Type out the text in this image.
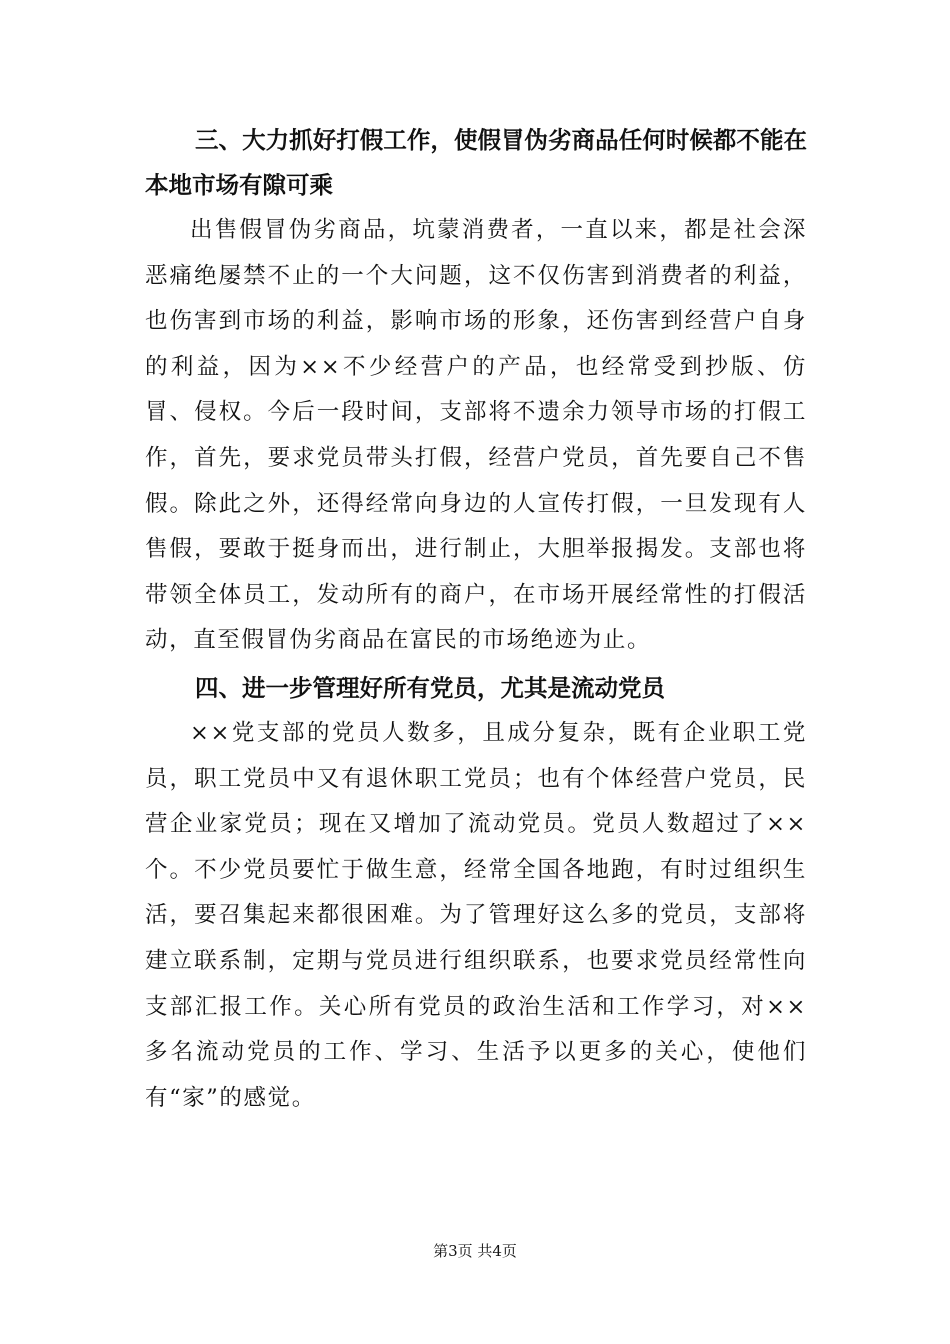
三、大力抓好打假工作，使假冒伪劣商品任何时候都不能在本地市场有隙可乘

出售假冒伪劣商品，坑蒙消费者，一直以来，都是社会深恶痛绝屡禁不止的一个大问题，这不仅伤害到消费者的利益，也伤害到市场的利益，影响市场的形象，还伤害到经营户自身的利益，因为××不少经营户的产品，也经常受到抄版、仿冒、侵权。今后一段时间，支部将不遗余力领导市场的打假工作，首先，要求党员带头打假，经营户党员，首先要自己不售假。除此之外，还得经常向身边的人宣传打假，一旦发现有人售假，要敢于挺身而出，进行制止，大胆举报揭发。支部也将带领全体员工，发动所有的商户，在市场开展经常性的打假活动，直至假冒伪劣商品在富民的市场绝迹为止。

四、进一步管理好所有党员，尤其是流动党员

××党支部的党员人数多，且成分复杂，既有企业职工党员，职工党员中又有退休职工党员；也有个体经营户党员，民营企业家党员；现在又增加了流动党员。党员人数超过了××个。不少党员要忙于做生意，经常全国各地跑，有时过组织生活，要召集起来都很困难。为了管理好这么多的党员，支部将建立联系制，定期与党员进行组织联系，也要求党员经常性向支部汇报工作。关心所有党员的政治生活和工作学习，对××多名流动党员的工作、学习、生活予以更多的关心，使他们有“家”的感觉。

第3页 共4页
